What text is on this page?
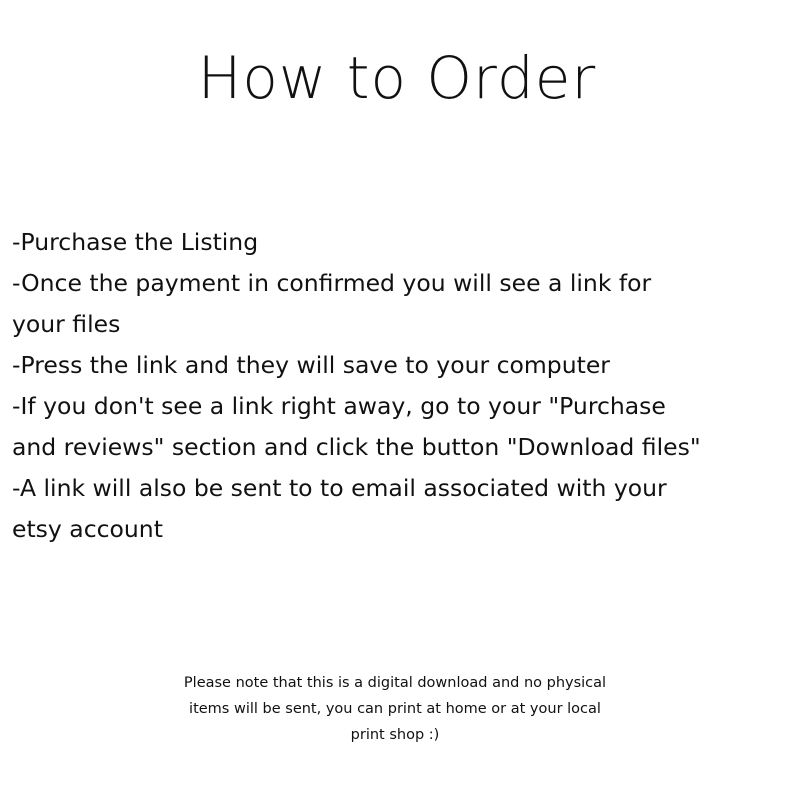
How to Order
-Purchase the Listing
-Once the payment in confirmed you will see a link for
your files
-Press the link and they will save to your computer
-If you don't see a link right away, go to your "Purchase
and reviews" section and click the button "Download files"
-A link will also be sent to to email associated with your
etsy account

Please note that this is a digital download and no physical
items will be sent, you can print at home or at your local
print shop :)
